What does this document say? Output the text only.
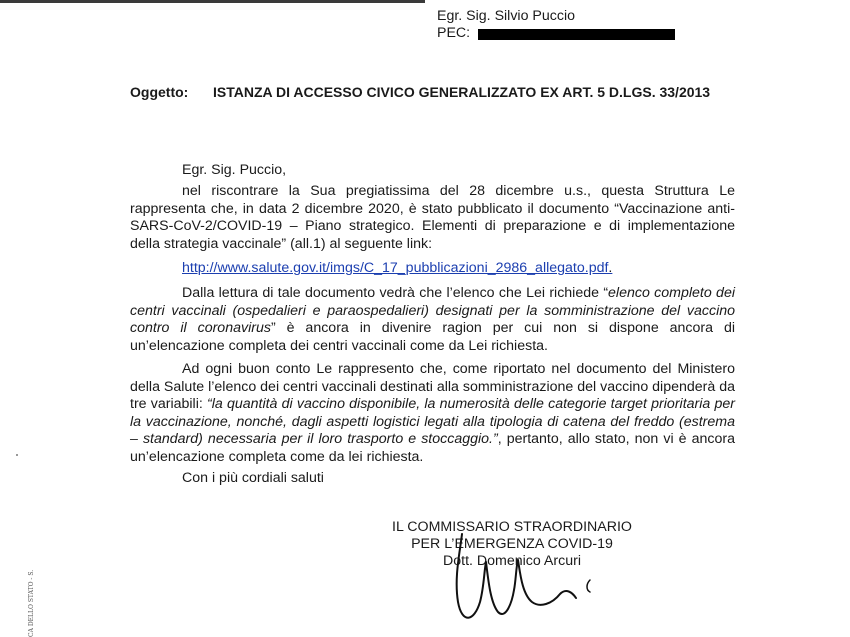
Egr. Sig. Silvio Puccio
PEC:
Oggetto: ISTANZA DI ACCESSO CIVICO GENERALIZZATO EX ART. 5 D.LGS. 33/2013
Egr. Sig. Puccio,
nel riscontrare la Sua pregiatissima del 28 dicembre u.s., questa Struttura Le rappresenta che, in data 2 dicembre 2020, è stato pubblicato il documento “Vaccinazione anti-SARS-CoV-2/COVID-19 – Piano strategico. Elementi di preparazione e di implementazione della strategia vaccinale” (all.1) al seguente link:
http://www.salute.gov.it/imgs/C_17_pubblicazioni_2986_allegato.pdf.
Dalla lettura di tale documento vedrà che l’elenco che Lei richiede “elenco completo dei centri vaccinali (ospedalieri e paraospedalieri) designati per la somministrazione del vaccino contro il coronavirus” è ancora in divenire ragion per cui non si dispone ancora di un’elencazione completa dei centri vaccinali come da Lei richiesta.
Ad ogni buon conto Le rappresento che, come riportato nel documento del Ministero della Salute l’elenco dei centri vaccinali destinati alla somministrazione del vaccino dipenderà da tre variabili: “la quantità di vaccino disponibile, la numerosità delle categorie target prioritaria per la vaccinazione, nonché, dagli aspetti logistici legati alla tipologia di catena del freddo (estrema – standard) necessaria per il loro trasporto e stoccaggio.”, pertanto, allo stato, non vi è ancora un’elencazione completa come da lei richiesta.
Con i più cordiali saluti
IL COMMISSARIO STRAORDINARIO
PER L’EMERGENZA COVID-19
Dott. Domenico Arcuri
CA DELLO STATO - S.
